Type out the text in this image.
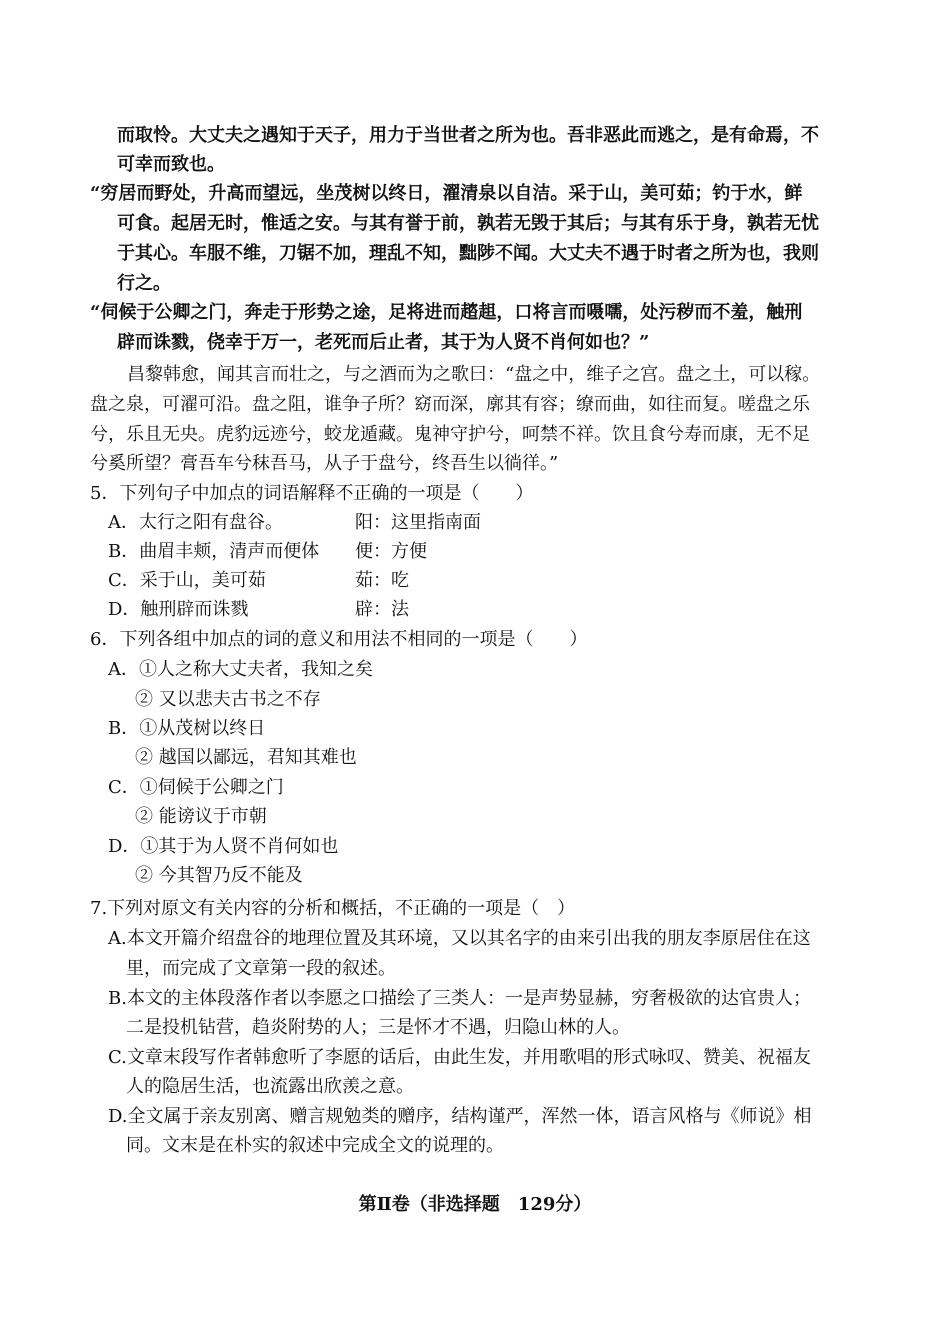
而取怜。大丈夫之遇知于天子，用力于当世者之所为也。吾非恶此而逃之，是有命焉，不
可幸而致也。
“穷居而野处，升高而望远，坐茂树以终日，濯清泉以自洁。采于山，美可茹；钓于水，鲜
可食。起居无时，惟适之安。与其有誉于前，孰若无毁于其后；与其有乐于身，孰若无忧
于其心。车服不维，刀锯不加，理乱不知，黜陟不闻。大丈夫不遇于时者之所为也，我则
行之。
“伺候于公卿之门，奔走于形势之途，足将进而趦趄，口将言而嗫嚅，处污秽而不羞，触刑
辟而诛戮，侥幸于万一，老死而后止者，其于为人贤不肖何如也？”
昌黎韩愈，闻其言而壮之，与之酒而为之歌曰：“盘之中，维子之宫。盘之土，可以稼。
盘之泉，可濯可沿。盘之阻，谁争子所？窈而深，廓其有容；缭而曲，如往而复。嗟盘之乐
兮，乐且无央。虎豹远迹兮，蛟龙遁藏。鬼神守护兮，呵禁不祥。饮且食兮寿而康，无不足
兮奚所望？膏吾车兮秣吾马，从子于盘兮，终吾生以徜徉。”
5．下列句子中加点的词语解释不正确的一项是（　　）
A．太行之阳有盘谷。	阳：这里指南面
B．曲眉丰颊，清声而便体 便：方便
C．采于山，美可茹	茹：吃
D．触刑辟而诛戮	辟：法
6．下列各组中加点的词的意义和用法不相同的一项是（　　）
A．①人之称大丈夫者，我知之矣
② 又以悲夫古书之不存
B．①从茂树以终日
② 越国以鄙远，君知其难也
C．①伺候于公卿之门
② 能谤议于市朝
D．①其于为人贤不肖何如也
② 今其智乃反不能及
7.下列对原文有关内容的分析和概括，不正确的一项是（　）
A.本文开篇介绍盘谷的地理位置及其环境，又以其名字的由来引出我的朋友李原居住在这
里，而完成了文章第一段的叙述。
B.本文的主体段落作者以李愿之口描绘了三类人：一是声势显赫，穷奢极欲的达官贵人；
二是投机钻营，趋炎附势的人；三是怀才不遇，归隐山林的人。
C.文章末段写作者韩愈听了李愿的话后，由此生发，并用歌唱的形式咏叹、赞美、祝福友
人的隐居生活，也流露出欣羡之意。
D.全文属于亲友别离、赠言规勉类的赠序，结构谨严，浑然一体，语言风格与《师说》相
同。文末是在朴实的叙述中完成全文的说理的。
第Ⅱ卷（非选择题　129分）
